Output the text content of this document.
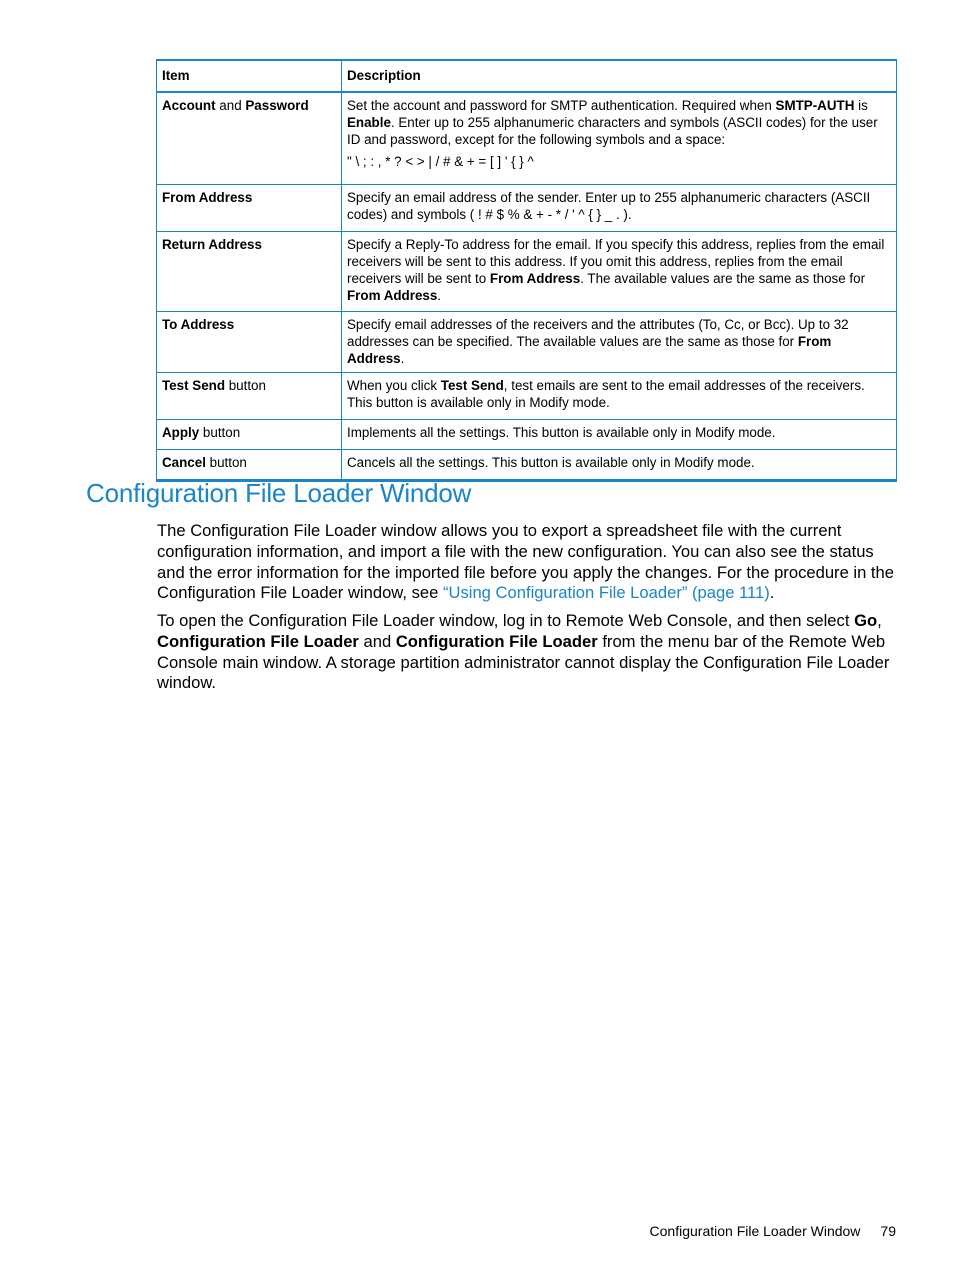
Item	Description
Account and Password	Set the account and password for SMTP authentication. Required when SMTP-AUTH is Enable. Enter up to 255 alphanumeric characters and symbols (ASCII codes) for the user ID and password, except for the following symbols and a space:

" \ ; : , * ? < > | / # & + = [ ] ' { } ^

From Address	Specify an email address of the sender. Enter up to 255 alphanumeric characters (ASCII codes) and symbols ( ! # $ % & + - * / ' ^ { } _ . ).
Return Address	Specify a Reply-To address for the email. If you specify this address, replies from the email receivers will be sent to this address. If you omit this address, replies from the email receivers will be sent to From Address. The available values are the same as those for From Address.
To Address	Specify email addresses of the receivers and the attributes (To, Cc, or Bcc). Up to 32 addresses can be specified. The available values are the same as those for From Address.
Test Send button	When you click Test Send, test emails are sent to the email addresses of the receivers. This button is available only in Modify mode.
Apply button	Implements all the settings. This button is available only in Modify mode.
Cancel button	Cancels all the settings. This button is available only in Modify mode.
Configuration File Loader Window

The Configuration File Loader window allows you to export a spreadsheet file with the current configuration information, and import a file with the new configuration. You can also see the status and the error information for the imported file before you apply the changes. For the procedure in the Configuration File Loader window, see “Using Configuration File Loader” (page 111).

To open the Configuration File Loader window, log in to Remote Web Console, and then select Go, Configuration File Loader and Configuration File Loader from the menu bar of the Remote Web Console main window. A storage partition administrator cannot display the Configuration File Loader window.

Configuration File Loader Window 79
